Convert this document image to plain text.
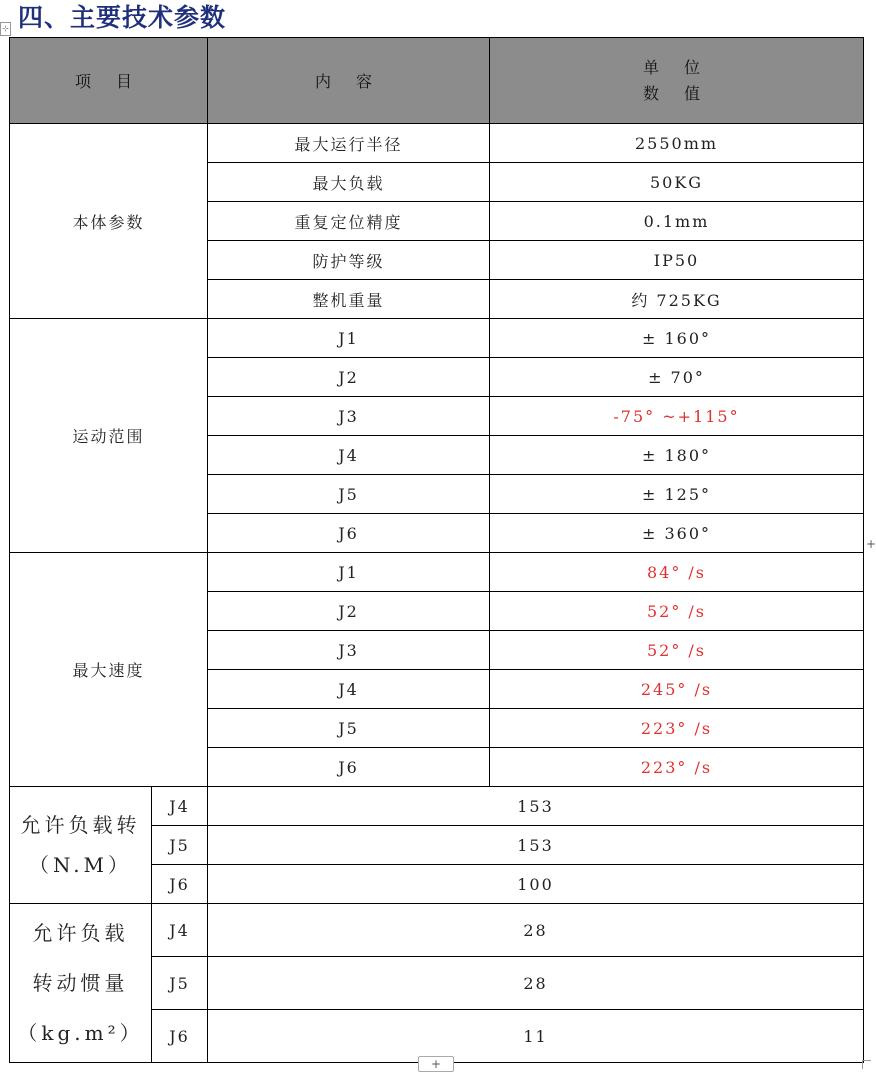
⊹ 四、主要技术参数
项 目		内 容	单 位
数 值

本体参数		最大运行半径	2550mm
		最大负载	50KG
		重复定位精度	0.1mm
		防护等级	IP50
		整机重量	约 725KG
运动范围		J1	± 160°
		J2	± 70°
		J3	-75° ~+115°
		J4	± 180°
		J5	± 125°
		J6	± 360°
最大速度		J1	84° /s
		J2	52° /s
		J3	52° /s
		J4	245° /s
		J5	223° /s
		J6	223° /s

允许负载转
（N.M）	J4	153	
	J5	153	
	J6	100	

允许负载
转动惯量
（kg.m²）	J4	28	
	J5	28	
	J6	11	
+
+
